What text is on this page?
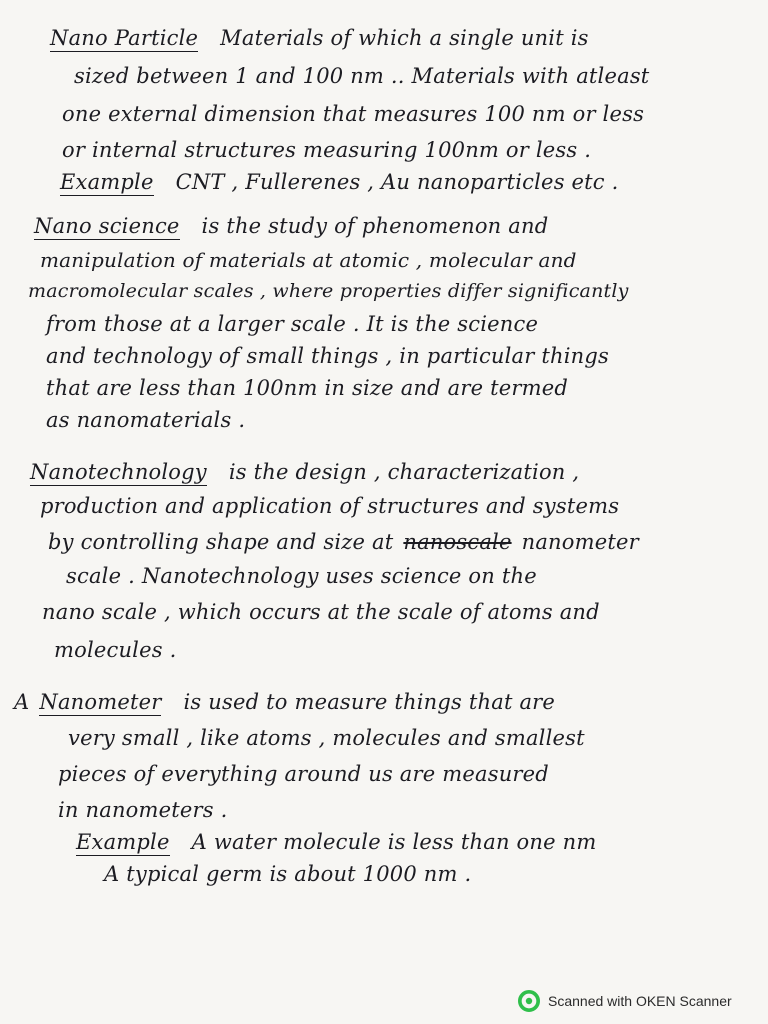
Nano Particle Materials of which a single unit is
sized between 1 and 100 nm .. Materials with atleast
one external dimension that measures 100 nm or less
or internal structures measuring 100nm or less .
Example CNT , Fullerenes , Au nanoparticles etc .
Nano science is the study of phenomenon and
manipulation of materials at atomic , molecular and
macromolecular scales , where properties differ significantly
from those at a larger scale . It is the science
and technology of small things , in particular things
that are less than 100nm in size and are termed
as nanomaterials .
Nanotechnology is the design , characterization ,
production and application of structures and systems
by controlling shape and size at nanoscale nanometer
scale . Nanotechnology uses science on the
nano scale , which occurs at the scale of atoms and
molecules .
A Nanometer is used to measure things that are
very small , like atoms , molecules and smallest
pieces of everything around us are measured
in nanometers .
Example A water molecule is less than one nm
A typical germ is about 1000 nm .
Scanned with OKEN Scanner
